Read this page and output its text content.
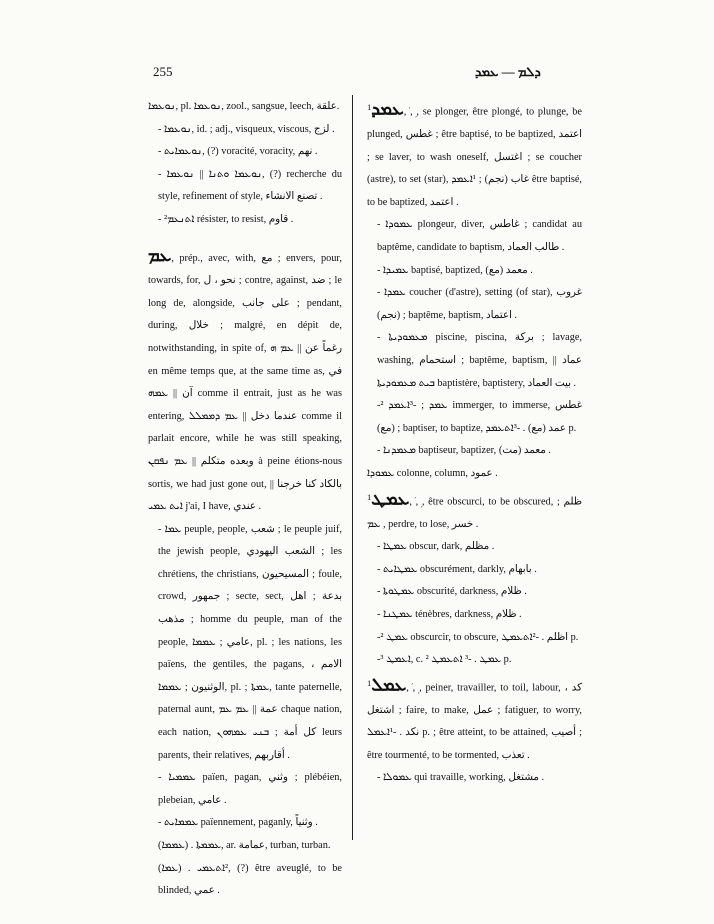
255	ܕܠܡ — ܥܡܕ

ܢܘܥܡܐ, pl. ܢܘܥܡܐ, zool., sangsue, leech, علقة.

- ܢܘܥܡܐ, id. ; adj., visqueux, viscous, لزج .

- ܢܘܥܡܐܝܬ, (?) voracité, voracity, نهم .

- ܢܘܥܡܐ ܘܬܢܐ || ܢܘܥܡܐ, (?) recherche du style, refinement of style, تصنع الانشاء .

- ²ܐܬܢܥܡ résister, to resist, قاوم .

ܥܡ, prép., avec, with, مع ; envers, pour, towards, for, نحو ، ل ; contre, against, ضد ; le long de, alongside, على جانب ; pendant, during, خلال ; malgré, en dépit de, notwithstanding, in spite of, رغماً عن || ܥܡ ܗ en même temps que, at the same time as, في آن || ܥܡܗ comme il entrait, just as he was entering, عندما دخل || ܥܡ ܕܡܡܠܠ comme il parlait encore, while he was still speaking, وبعده متكلم || ܥܡ ܢܦܩܢ à peine étions-nous sortis, we had just gone out, بالكاد كنا خرجنا || ܐܝܬ ܥܡܝ j'ai, I have, عندي .

- ܥܡܐ peuple, people, شعب ; le peuple juif, the jewish people, الشعب اليهودي ; les chrétiens, the christians, المسيحيون ; foule, crowd, جمهور ; secte, sect, بدعة ; اهل مذهب ; homme du peuple, man of the people, عامي ; ܥܡܡܐ, pl. ; les nations, les païens, the gentiles, the pagans, الامم ، الوثنيون ; ܥܡܡܐ, pl. ; ܥܡܬܐ, tante paternelle, paternal aunt, عمة || ܥܡ ܥܡ chaque nation, each nation, كل أمة ; ܒܢܝ ܥܡܗܘܢ leurs parents, their relatives, أقاربهم .

- ܥܡܡܝܐ païen, pagan, وثني ; plébéien, plebeian, عامي .

- ܥܡܡܐܝܬ païennement, paganly, وثنياً .

(ܥܡܡܐ) . ܥܡܡܬܐ, ar. عمامة, turban, turban.

(ܥܡܐ) . ²ܐܬܥܡܝ, (?) être aveuglé, to be blinded, عمي .

$^1$ܥܡܕ, ܿ, ܼ, se plonger, être plongé, to plunge, be plunged, غطس ; être baptisé, to be baptized, اعتمد ; se laver, to wash oneself, اغتسل ; se coucher (astre), to set (star), غاب (نجم) ; ¹ܐܥܡܕ être baptisé, to be baptized, اعتمد .

- ܥܡܘܕܐ plongeur, diver, غاطس ; candidat au baptême, candidate to baptism, طالب العماد .

- ܥܡܝܕܐ baptisé, baptized, معمد (مع) .

- ܥܡܕܐ coucher (d'astre), setting (of star), غروب (نجم) ; baptême, baptism, اعتماد .

- ܡܥܡܘܕܝܬܐ piscine, piscina, بركة ; lavage, washing, استحمام ; baptême, baptism, عماد || ܒܝܬ ܡܥܡܘܕܝܬܐ baptistère, baptistery, بيت العماد .

-² ܥܡܕ ; -³ܐܥܡܕ immerger, to immerse, غطس (مع) ; baptiser, to baptize, عمد (مع) . -³ܐܬܥܡܕ p.

- ܡܥܡܕܢܐ baptiseur, baptizer, معمد (مت) .

ܥܡܘܕܐ colonne, column, عمود .

$^1$ܥܡܛ, ܿ, ܼ, être obscurci, to be obscured, ظلم ; ܥܡ , perdre, to lose, خسر .

- ܥܡܛܐ obscur, dark, مظلم .

- ܥܡܛܐܝܬ obscurément, darkly, بابهام .

- ܥܡܛܘܬܐ obscurité, darkness, ظلام .

- ܥܡܛܢܐ ténèbres, darkness, ظلام .

-² ܥܡܛ obscurcir, to obscure, اظلم . -²ܐܬܥܡܛ p.

-³ ܐܥܡܛ, c. ² ܥܡܛ . -³ ܐܬܥܡܛ p.

$^1$ܥܡܠ, ܿ, ܼ, peiner, travailler, to toil, labour, كد ، اشتغل ; faire, to make, عمل ; fatiguer, to worry, نكد . -¹ܐܥܡܠ p. ; être atteint, to be attained, أصيب ; être tourmenté, to be tormented, تعذب .

- ܥܡܘܠܐ qui travaille, working, مشتغل .
